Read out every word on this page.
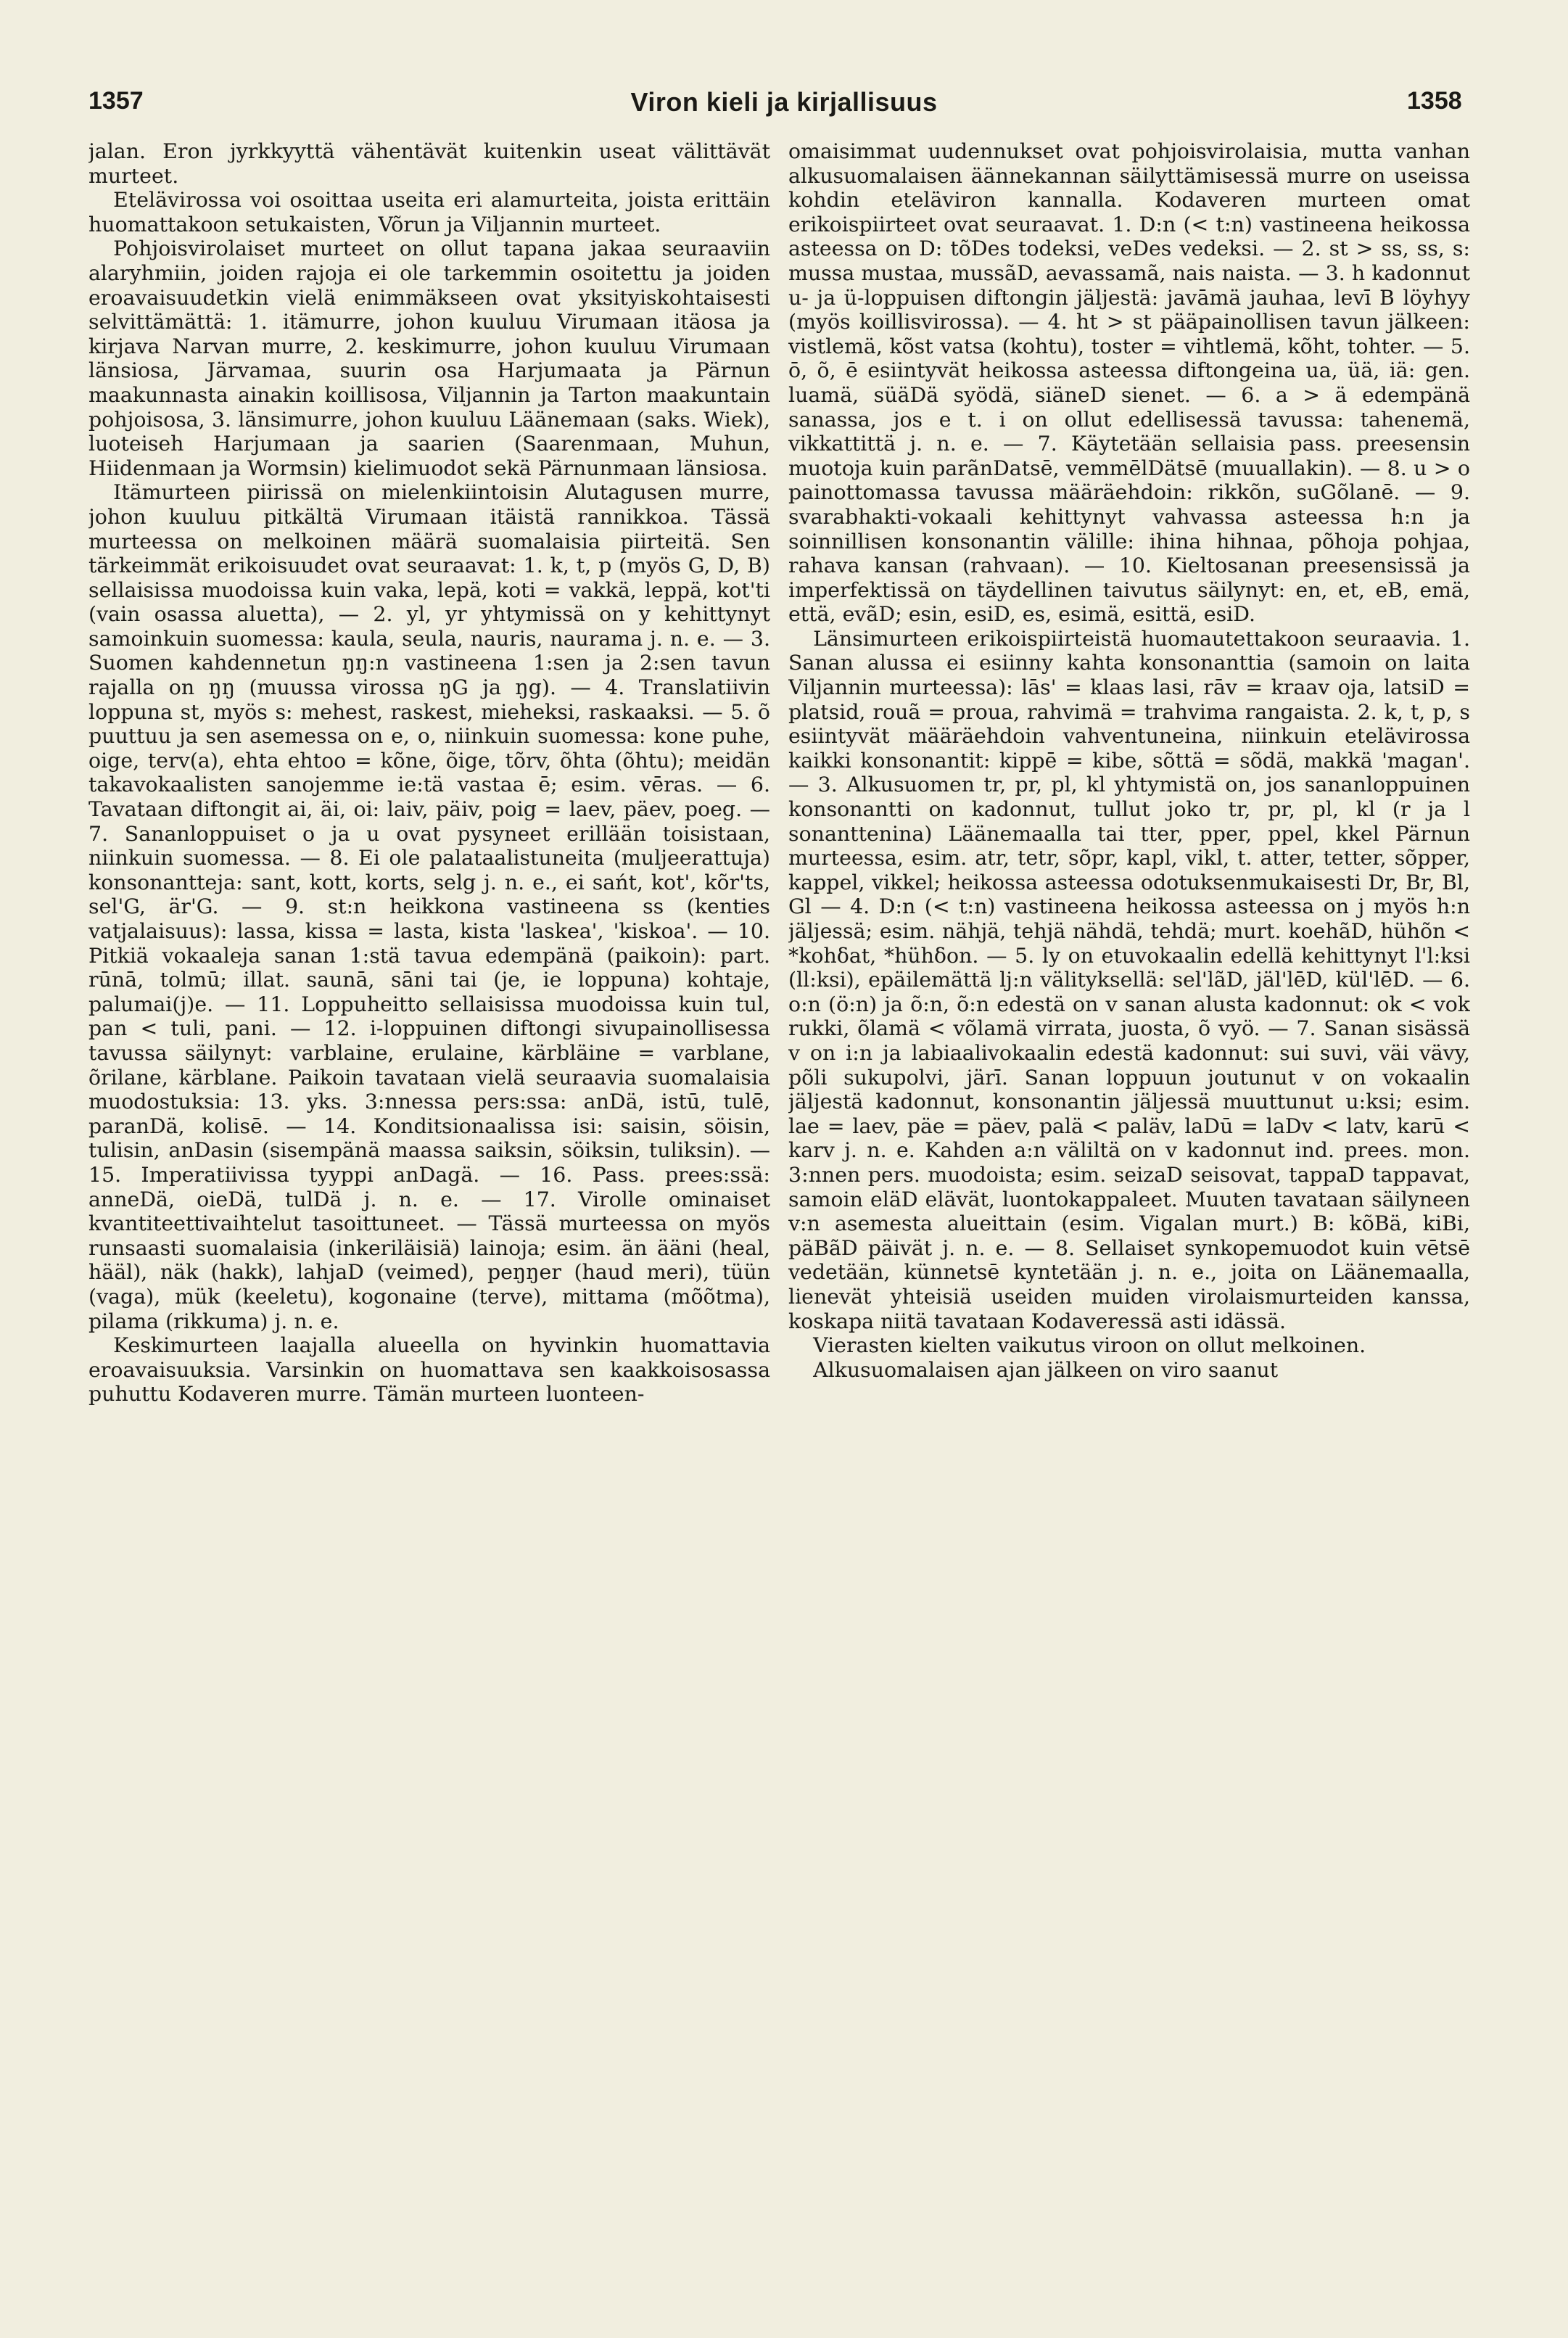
1357	Viron kieli ja kirjallisuus	1358

jalan. Eron jyrkkyyttä vähentävät kuitenkin useat välittävät murteet.

Etelävirossa voi osoittaa useita eri alamurteita, joista erittäin huomattakoon setukaisten, Võrun ja Viljannin murteet.

Pohjoisvirolaiset murteet on ollut tapana jakaa seuraaviin alaryhmiin, joiden rajoja ei ole tarkemmin osoitettu ja joiden eroavaisuudetkin vielä enimmäkseen ovat yksityiskohtaisesti selvittämättä: 1. itämurre, johon kuuluu Virumaan itäosa ja kirjava Narvan murre, 2. keskimurre, johon kuuluu Virumaan länsiosa, Järvamaa, suurin osa Harjumaata ja Pärnun maakunnasta ainakin koillisosa, Viljannin ja Tarton maakuntain pohjoisosa, 3. länsimurre, johon kuuluu Läänemaan (saks. Wiek), luoteiseh Harjumaan ja saarien (Saarenmaan, Muhun, Hiidenmaan ja Wormsin) kielimuodot sekä Pärnunmaan länsiosa.

Itämurteen piirissä on mielenkiintoisin Alutagusen murre, johon kuuluu pitkältä Virumaan itäistä rannikkoa. Tässä murteessa on melkoinen määrä suomalaisia piirteitä. Sen tärkeimmät erikoisuudet ovat seuraavat: 1. k, t, p (myös G, D, B) sellaisissa muodoissa kuin vaka, lepä, koti = vakkä, leppä, kot'ti (vain osassa aluetta), — 2. yl, yr yhtymissä on y kehittynyt samoinkuin suomessa: kaula, seula, nauris, naurama j. n. e. — 3. Suomen kahdennetun ŋŋ:n vastineena 1:sen ja 2:sen tavun rajalla on ŋŋ (muussa virossa ŋG ja ŋg). — 4. Translatiivin loppuna st, myös s: mehest, raskest, mieheksi, raskaaksi. — 5. õ puuttuu ja sen asemessa on e, o, niinkuin suomessa: kone puhe, oige, terv(a), ehta ehtoo = kõne, õige, tõrv, õhta (õhtu); meidän takavokaalisten sanojemme ie:tä vastaa ē; esim. vēras. — 6. Tavataan diftongit ai, äi, oi: laiv, päiv, poig = laev, päev, poeg. — 7. Sananloppuiset o ja u ovat pysyneet erillään toisistaan, niinkuin suomessa. — 8. Ei ole palataalistuneita (muljeerattuja) konsonantteja: sant, kott, korts, selg j. n. e., ei sańt, kot', kõr'ts, sel'G, är'G. — 9. st:n heikkona vastineena ss (kenties vatjalaisuus): lassa, kissa = lasta, kista 'laskea', 'kiskoa'. — 10. Pitkiä vokaaleja sanan 1:stä tavua edempänä (paikoin): part. rūnā, tolmū; illat. saunā, sāni tai (je, ie loppuna) kohtaje, palumai(j)e. — 11. Loppuheitto sellaisissa muodoissa kuin tul, pan < tuli, pani. — 12. i-loppuinen diftongi sivupainollisessa tavussa säilynyt: varblaine, erulaine, kärbläine = varblane, õrilane, kärblane. Paikoin tavataan vielä seuraavia suomalaisia muodostuksia: 13. yks. 3:nnessa pers:ssa: anDä, istū, tulē, paranDä, kolisē. — 14. Konditsionaalissa isi: saisin, söisin, tulisin, anDasin (sisempänä maassa saiksin, söiksin, tuliksin). — 15. Imperatiivissa tyyppi anDagä. — 16. Pass. prees:ssä: anneDä, oieDä, tulDä j. n. e. — 17. Virolle ominaiset kvantiteettivaihtelut tasoittuneet. — Tässä murteessa on myös runsaasti suomalaisia (inkeriläisiä) lainoja; esim. än ääni (heal, hääl), näk (hakk), lahjaD (veimed), peŋŋer (haud meri), tüün (vaga), mük (keeletu), kogonaine (terve), mittama (mõõtma), pilama (rikkuma) j. n. e.

Keskimurteen laajalla alueella on hyvinkin huomattavia eroavaisuuksia. Varsinkin on huomattava sen kaakkoisosassa puhuttu Kodaveren murre. Tämän murteen luonteen-

omaisimmat uudennukset ovat pohjoisvirolaisia, mutta vanhan alkusuomalaisen äännekannan säilyttämisessä murre on useissa kohdin eteläviron kannalla. Kodaveren murteen omat erikoispiirteet ovat seuraavat. 1. D:n (< t:n) vastineena heikossa asteessa on D: tõDes todeksi, veDes vedeksi. — 2. st > ss, ss, s: mussa mustaa, mussãD, aevassamã, nais naista. — 3. h kadonnut u- ja ü-loppuisen diftongin jäljestä: javāmä jauhaa, levī B löyhyy (myös koillisvirossa). — 4. ht > st pääpainollisen tavun jälkeen: vistlemä, kõst vatsa (kohtu), toster = vihtlemä, kõht, tohter. — 5. ō, õ, ē esiintyvät heikossa asteessa diftongeina ua, üä, iä: gen. luamä, süäDä syödä, siäneD sienet. — 6. a > ä edempänä sanassa, jos e t. i on ollut edellisessä tavussa: tahenemä, vikkattittä j. n. e. — 7. Käytetään sellaisia pass. preesensin muotoja kuin parãnDatsē, vemmēlDätsē (muuallakin). — 8. u > o painottomassa tavussa määräehdoin: rikkõn, suGõlanē. — 9. svarabhakti-vokaali kehittynyt vahvassa asteessa h:n ja soinnillisen konsonantin välille: ihina hihnaa, põhoja pohjaa, rahava kansan (rahvaan). — 10. Kieltosanan preesensissä ja imperfektissä on täydellinen taivutus säilynyt: en, et, eB, emä, että, evãD; esin, esiD, es, esimä, esittä, esiD.

Länsimurteen erikoispiirteistä huomautettakoon seuraavia. 1. Sanan alussa ei esiinny kahta konsonanttia (samoin on laita Viljannin murteessa): lās' = klaas lasi, rāv = kraav oja, latsiD = platsid, rouã = proua, rahvimä = trahvima rangaista. 2. k, t, p, s esiintyvät määräehdoin vahventuneina, niinkuin etelävirossa kaikki konsonantit: kippē = kibe, sõttä = sõdä, makkä 'magan'. — 3. Alkusuomen tr, pr, pl, kl yhtymistä on, jos sananloppuinen konsonantti on kadonnut, tullut joko tr, pr, pl, kl (r ja l sonanttenina) Läänemaalla tai tter, pper, ppel, kkel Pärnun murteessa, esim. atr, tetr, sõpr, kapl, vikl, t. atter, tetter, sõpper, kappel, vikkel; heikossa asteessa odotuksenmukaisesti Dr, Br, Bl, Gl — 4. D:n (< t:n) vastineena heikossa asteessa on j myös h:n jäljessä; esim. nähjä, tehjä nähdä, tehdä; murt. koehãD, hühõn < *kohδat, *hühδon. — 5. ly on etuvokaalin edellä kehittynyt l'l:ksi (ll:ksi), epäilemättä lj:n välityksellä: sel'lãD, jäl'lēD, kül'lēD. — 6. o:n (ö:n) ja õ:n, õ:n edestä on v sanan alusta kadonnut: ok < vok rukki, õlamä < võlamä virrata, juosta, õ vyö. — 7. Sanan sisässä v on i:n ja labiaalivokaalin edestä kadonnut: sui suvi, väi vävy, põli sukupolvi, järī. Sanan loppuun joutunut v on vokaalin jäljestä kadonnut, konsonantin jäljessä muuttunut u:ksi; esim. lae = laev, päe = päev, palä < paläv, laDū = laDv < latv, karū < karv j. n. e. Kahden a:n väliltä on v kadonnut ind. prees. mon. 3:nnen pers. muodoista; esim. seizaD seisovat, tappaD tappavat, samoin eläD elävät, luontokappaleet. Muuten tavataan säilyneen v:n asemesta alueittain (esim. Vigalan murt.) B: kõBä, kiBi, päBãD päivät j. n. e. — 8. Sellaiset synkopemuodot kuin vētsē vedetään, künnetsē kyntetään j. n. e., joita on Läänemaalla, lienevät yhteisiä useiden muiden virolaismurteiden kanssa, koskapa niitä tavataan Kodaveressä asti idässä.

Vierasten kielten vaikutus viroon on ollut melkoinen.

Alkusuomalaisen ajan jälkeen on viro saanut
